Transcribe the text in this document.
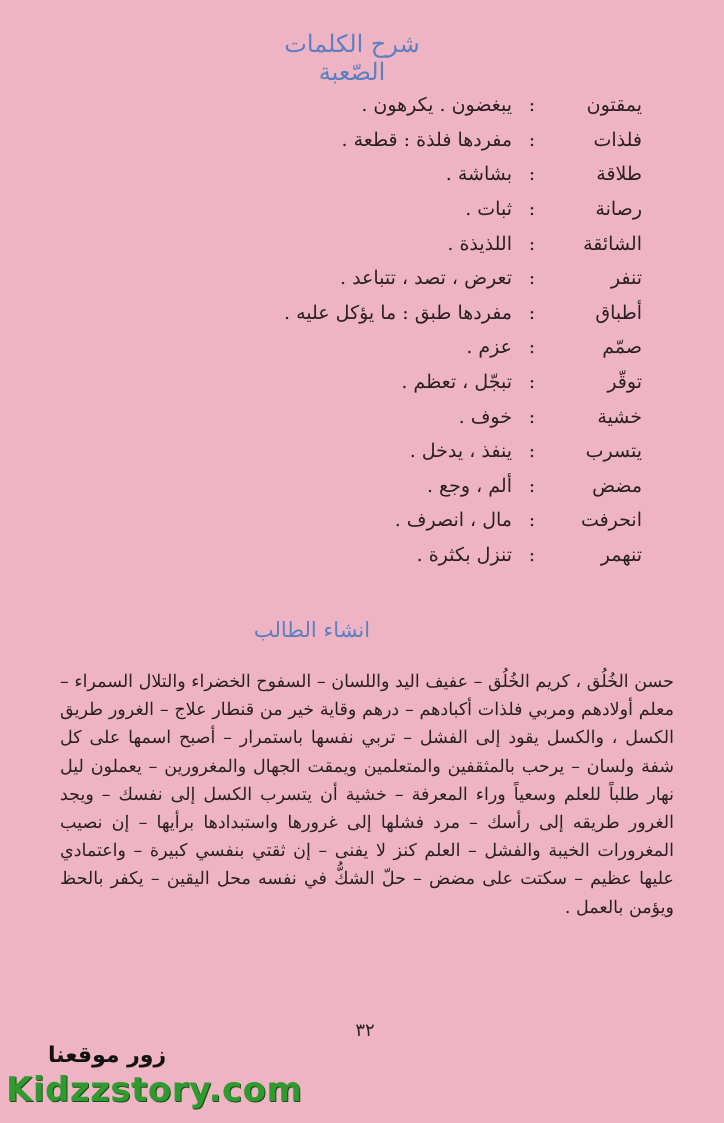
شرح الكلمات الصّعبة
يمقتون
:
يبغضون . يكرهون .
فلذات
:
مفردها فلذة : قطعة .
طلاقة
:
بشاشة .
رصانة
:
ثبات .
الشائقة
:
اللذيذة .
تنفر
:
تعرض ، تصد ، تتباعد .
أطباق
:
مفردها طبق : ما يؤكل عليه .
صمّم
:
عزم .
توقّر
:
تبجّل ، تعظم .
خشية
:
خوف .
يتسرب
:
ينفذ ، يدخل .
مضض
:
ألم ، وجع .
انحرفت
:
مال ، انصرف .
تنهمر
:
تنزل بكثرة .
انشاء الطالب
حسن الخُلُق ، كريم الخُلُق – عفيف اليد واللسان – السفوح الخضراء والتلال السمراء – معلم أولادهم ومربي فلذات أكبادهم – درهم وقاية خير من قنطار علاج – الغرور طريق الكسل ، والكسل يقود إلى الفشل – تربي نفسها باستمرار – أصبح اسمها على كل شفة ولسان – يرحب بالمثقفين والمتعلمين ويمقت الجهال والمغرورين – يعملون ليل نهار طلباً للعلم وسعياً وراء المعرفة – خشية أن يتسرب الكسل إلى نفسك – ويجد الغرور طريقه إلى رأسك – مرد فشلها إلى غرورها واستبدادها برأيها – إن نصيب المغرورات الخيبة والفشل – العلم كنز لا يفنى – إن ثقتي بنفسي كبيرة – واعتمادي عليها عظيم – سكتت على مضض – حلّ الشكُّ في نفسه محل اليقين – يكفر بالحظ ويؤمن بالعمل .
٣٢
زور موقعنا
Kidzzstory.com
